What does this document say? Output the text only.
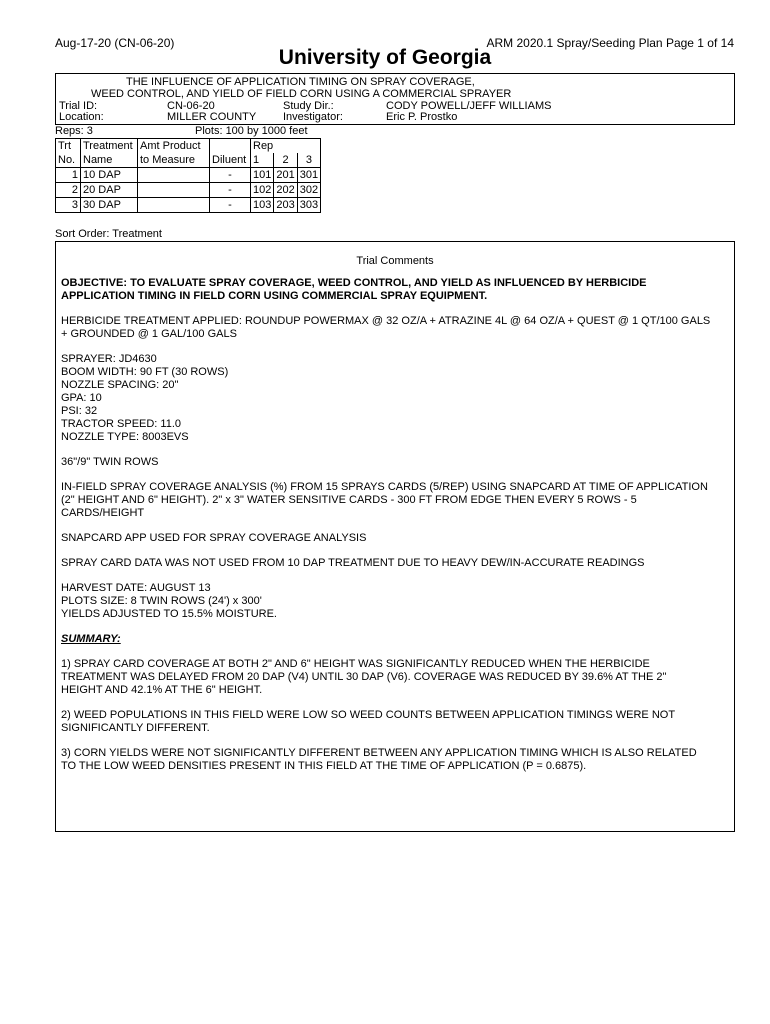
Aug-17-20 (CN-06-20)	ARM 2020.1 Spray/Seeding Plan Page 1 of 14
University of Georgia
THE INFLUENCE OF APPLICATION TIMING ON SPRAY COVERAGE,
WEED CONTROL, AND YIELD OF FIELD CORN USING A COMMERCIAL SPRAYER
Trial ID:	CN-06-20	Study Dir.:	CODY POWELL/JEFF WILLIAMS
Location:	MILLER COUNTY Investigator:	Eric P. Prostko
Reps: 3	Plots: 100 by 1000 feet
Trt	Treatment	Amt Product		Rep		
No.	Name	to Measure	Diluent	1	2	3
1	10 DAP		-	101	201	301
2	20 DAP		-	102	202	302
3	30 DAP		-	103	203	303
Sort Order: Treatment
Trial Comments

OBJECTIVE: TO EVALUATE SPRAY COVERAGE, WEED CONTROL, AND YIELD AS INFLUENCED BY HERBICIDE
APPLICATION TIMING IN FIELD CORN USING COMMERCIAL SPRAY EQUIPMENT.

HERBICIDE TREATMENT APPLIED: ROUNDUP POWERMAX @ 32 OZ/A + ATRAZINE 4L @ 64 OZ/A + QUEST @ 1 QT/100 GALS
+ GROUNDED @ 1 GAL/100 GALS

SPRAYER: JD4630
BOOM WIDTH: 90 FT (30 ROWS)
NOZZLE SPACING: 20"
GPA: 10
PSI: 32
TRACTOR SPEED: 11.0
NOZZLE TYPE: 8003EVS

36"/9" TWIN ROWS

IN-FIELD SPRAY COVERAGE ANALYSIS (%) FROM 15 SPRAYS CARDS (5/REP) USING SNAPCARD AT TIME OF APPLICATION
(2" HEIGHT AND 6" HEIGHT). 2" x 3" WATER SENSITIVE CARDS - 300 FT FROM EDGE THEN EVERY 5 ROWS - 5
CARDS/HEIGHT

SNAPCARD APP USED FOR SPRAY COVERAGE ANALYSIS

SPRAY CARD DATA WAS NOT USED FROM 10 DAP TREATMENT DUE TO HEAVY DEW/IN-ACCURATE READINGS

HARVEST DATE: AUGUST 13
PLOTS SIZE: 8 TWIN ROWS (24') x 300'
YIELDS ADJUSTED TO 15.5% MOISTURE.

SUMMARY:

1) SPRAY CARD COVERAGE AT BOTH 2" AND 6" HEIGHT WAS SIGNIFICANTLY REDUCED WHEN THE HERBICIDE
TREATMENT WAS DELAYED FROM 20 DAP (V4) UNTIL 30 DAP (V6). COVERAGE WAS REDUCED BY 39.6% AT THE 2"
HEIGHT AND 42.1% AT THE 6" HEIGHT.

2) WEED POPULATIONS IN THIS FIELD WERE LOW SO WEED COUNTS BETWEEN APPLICATION TIMINGS WERE NOT
SIGNIFICANTLY DIFFERENT.

3) CORN YIELDS WERE NOT SIGNIFICANTLY DIFFERENT BETWEEN ANY APPLICATION TIMING WHICH IS ALSO RELATED
TO THE LOW WEED DENSITIES PRESENT IN THIS FIELD AT THE TIME OF APPLICATION (P = 0.6875).
